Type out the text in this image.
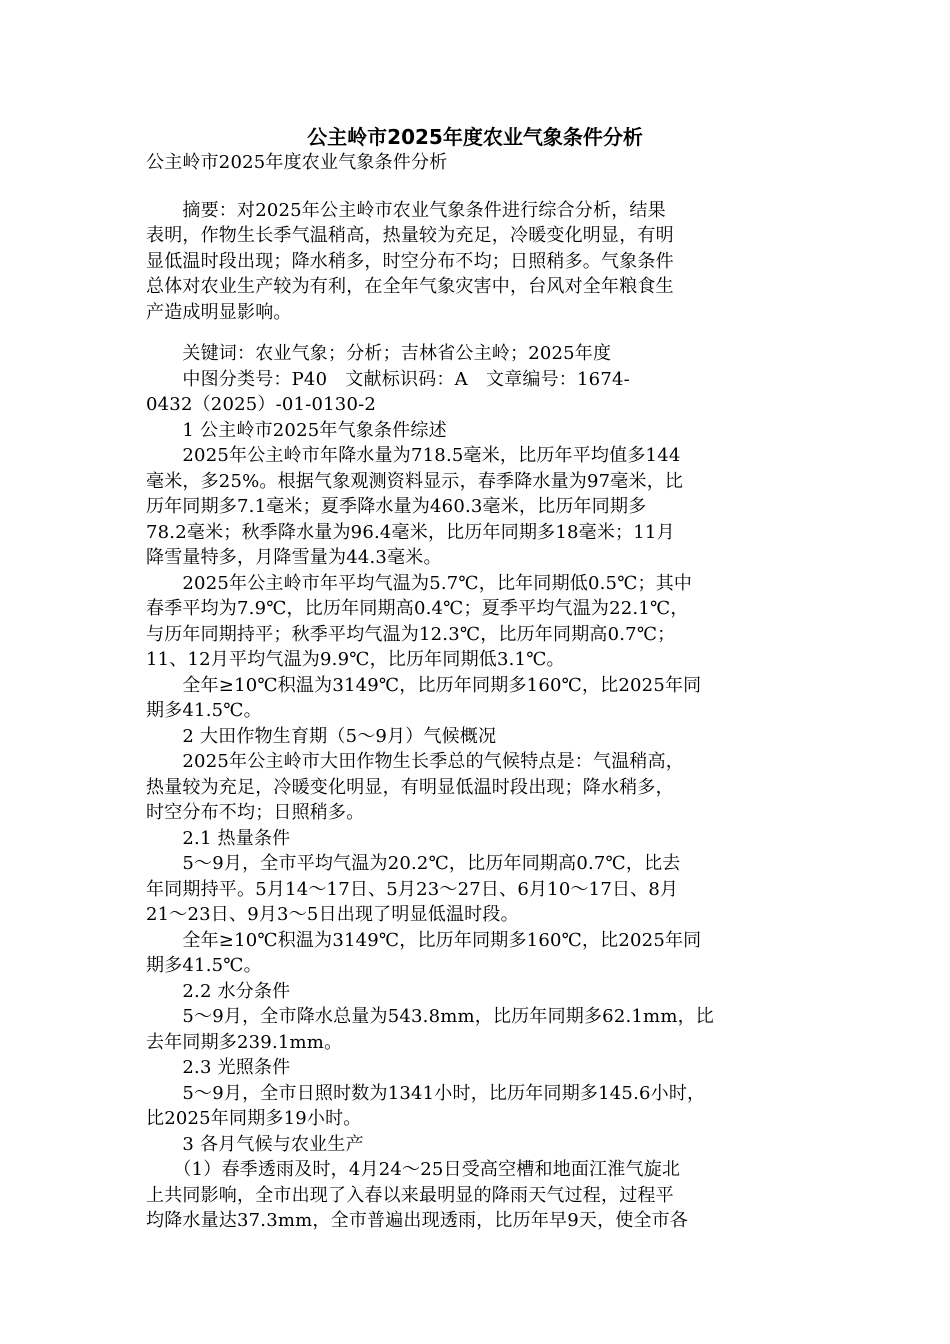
公主岭市2025年度农业气象条件分析
公主岭市2025年度农业气象条件分析
　　摘要：对2025年公主岭市农业气象条件进行综合分析，结果
表明，作物生长季气温稍高，热量较为充足，冷暖变化明显，有明
显低温时段出现；降水稍多，时空分布不均；日照稍多。气象条件
总体对农业生产较为有利，在全年气象灾害中，台风对全年粮食生
产造成明显影响。
　　关键词：农业气象；分析；吉林省公主岭；2025年度
　　中图分类号：P40　文献标识码：A　文章编号：1674-
0432（2025）-01-0130-2
　　1 公主岭市2025年气象条件综述
　　2025年公主岭市年降水量为718.5毫米，比历年平均值多144
毫米，多25%。根据气象观测资料显示，春季降水量为97毫米，比
历年同期多7.1毫米；夏季降水量为460.3毫米，比历年同期多
78.2毫米；秋季降水量为96.4毫米，比历年同期多18毫米；11月
降雪量特多，月降雪量为44.3毫米。
　　2025年公主岭市年平均气温为5.7℃，比年同期低0.5℃；其中
春季平均为7.9℃，比历年同期高0.4℃；夏季平均气温为22.1℃，
与历年同期持平；秋季平均气温为12.3℃，比历年同期高0.7℃；
11、12月平均气温为9.9℃，比历年同期低3.1℃。
　　全年≥10℃积温为3149℃，比历年同期多160℃，比2025年同
期多41.5℃。
　　2 大田作物生育期（5～9月）气候概况
　　2025年公主岭市大田作物生长季总的气候特点是：气温稍高，
热量较为充足，冷暖变化明显，有明显低温时段出现；降水稍多，
时空分布不均；日照稍多。
　　2.1 热量条件
　　5～9月，全市平均气温为20.2℃，比历年同期高0.7℃，比去
年同期持平。5月14～17日、5月23～27日、6月10～17日、8月
21～23日、9月3～5日出现了明显低温时段。
　　全年≥10℃积温为3149℃，比历年同期多160℃，比2025年同
期多41.5℃。
　　2.2 水分条件
　　5～9月，全市降水总量为543.8mm，比历年同期多62.1mm，比
去年同期多239.1mm。
　　2.3 光照条件
　　5～9月，全市日照时数为1341小时，比历年同期多145.6小时，
比2025年同期多19小时。
　　3 各月气候与农业生产
　　（1）春季透雨及时，4月24～25日受高空槽和地面江淮气旋北
上共同影响，全市出现了入春以来最明显的降雨天气过程，过程平
均降水量达37.3mm，全市普遍出现透雨，比历年早9天，使全市各
